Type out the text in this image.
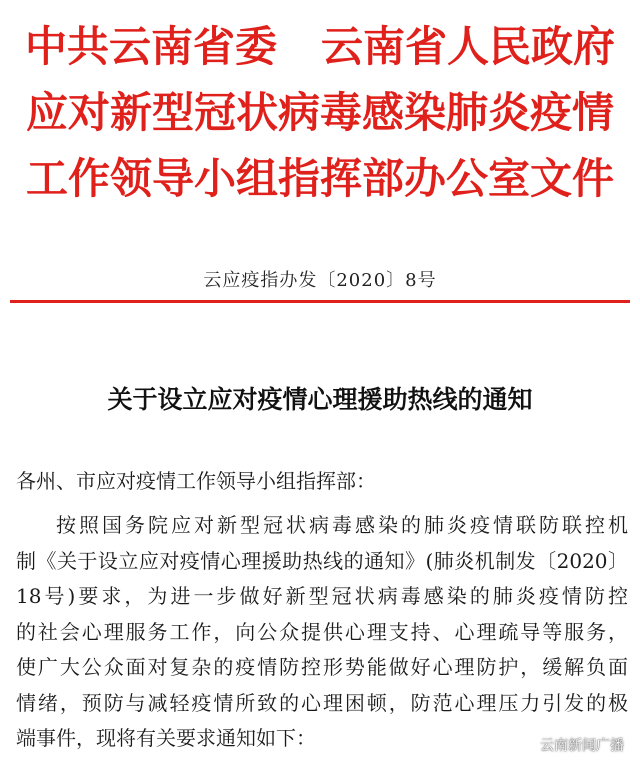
中共云南省委 云南省人民政府
应对新型冠状病毒感染肺炎疫情
工作领导小组指挥部办公室文件
云应疫指办发〔2020〕8号
关于设立应对疫情心理援助热线的通知
各州、市应对疫情工作领导小组指挥部：
按照国务院应对新型冠状病毒感染的肺炎疫情联防联控机
制《关于设立应对疫情心理援助热线的通知》(肺炎机制发〔2020〕
18号)要求，为进一步做好新型冠状病毒感染的肺炎疫情防控
的社会心理服务工作，向公众提供心理支持、心理疏导等服务，
使广大公众面对复杂的疫情防控形势能做好心理防护，缓解负面
情绪，预防与减轻疫情所致的心理困顿，防范心理压力引发的极
端事件，现将有关要求通知如下：	云南新闻广播
